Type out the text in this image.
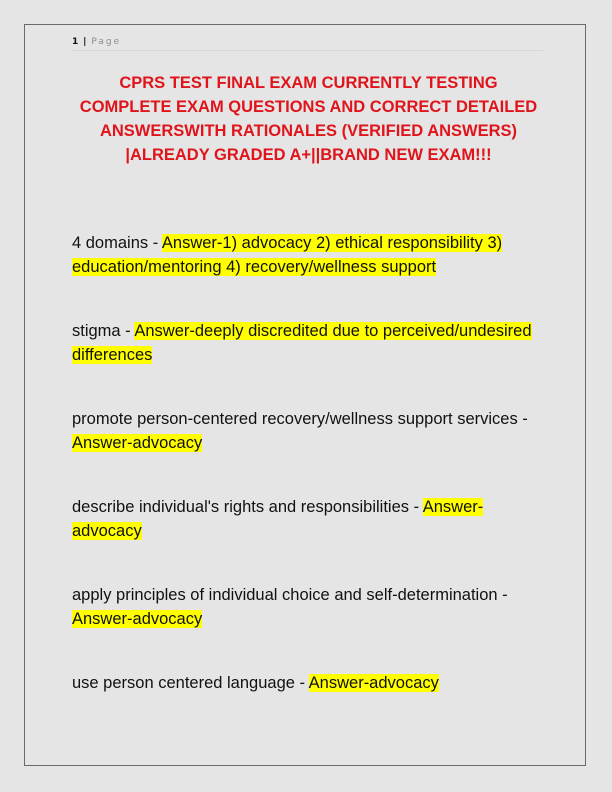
1 | Page
CPRS TEST FINAL EXAM CURRENTLY TESTING COMPLETE EXAM QUESTIONS AND CORRECT DETAILED ANSWERSWITH RATIONALES (VERIFIED ANSWERS) |ALREADY GRADED A+||BRAND NEW EXAM!!!
4 domains - Answer-1) advocacy 2) ethical responsibility 3) education/mentoring 4) recovery/wellness support
stigma - Answer-deeply discredited due to perceived/undesired differences
promote person-centered recovery/wellness support services - Answer-advocacy
describe individual's rights and responsibilities - Answer-advocacy
apply principles of individual choice and self-determination - Answer-advocacy
use person centered language - Answer-advocacy
